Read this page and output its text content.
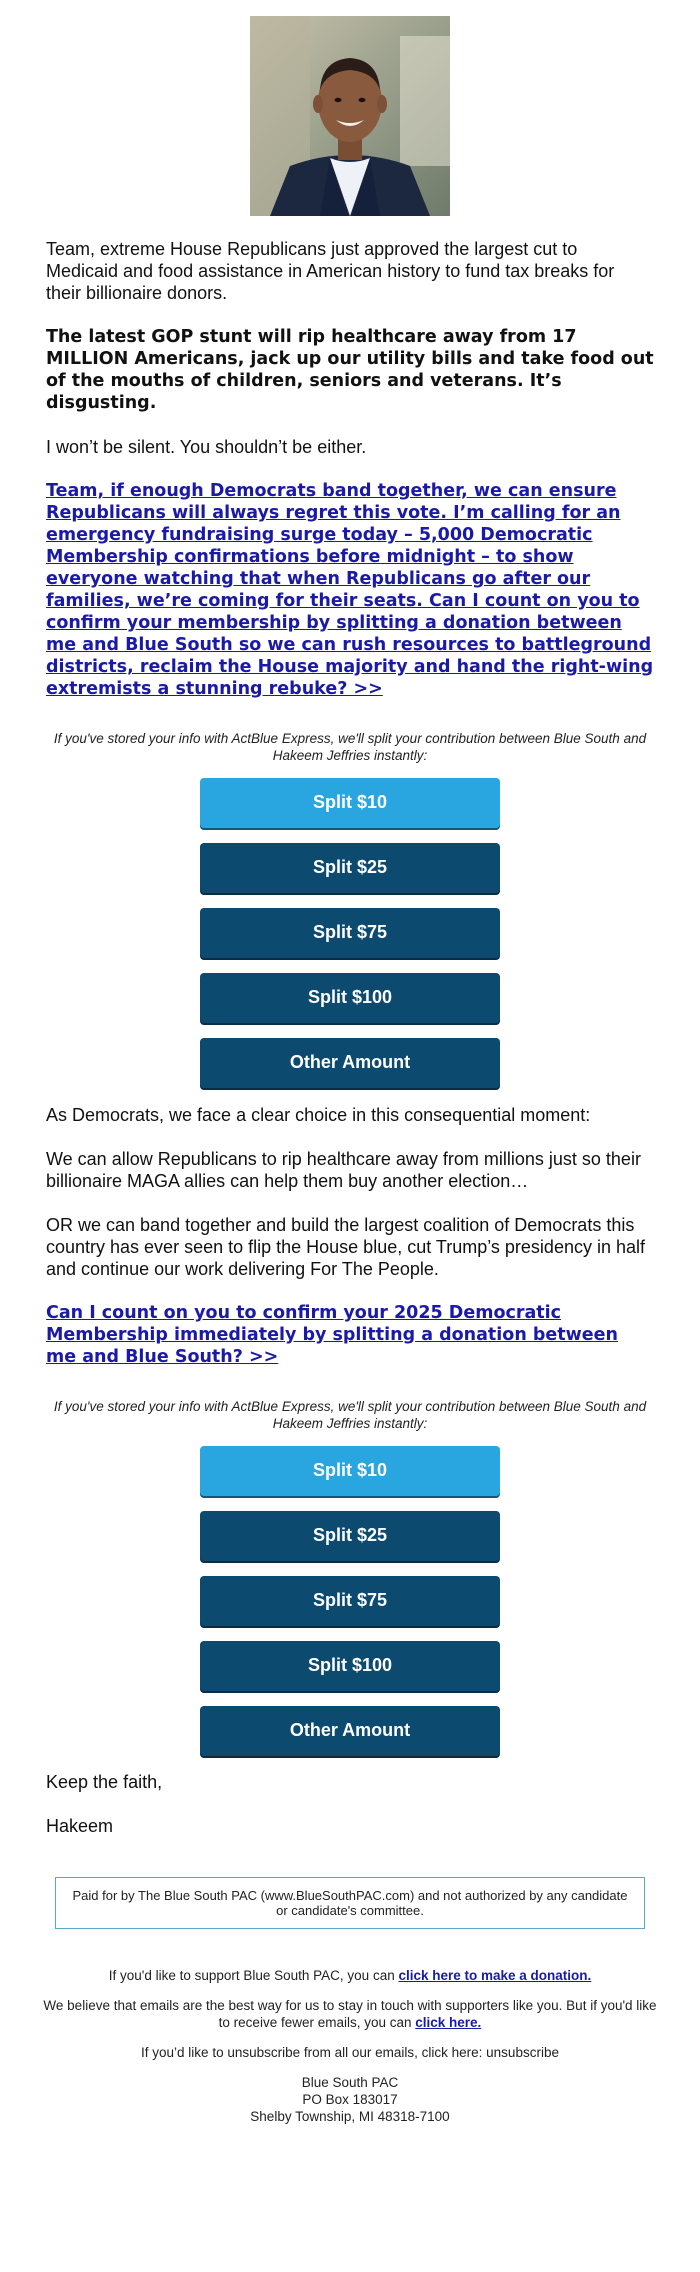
Team, extreme House Republicans just approved the largest cut to Medicaid and food assistance in American history to fund tax breaks for their billionaire donors.

The latest GOP stunt will rip healthcare away from 17 MILLION Americans, jack up our utility bills and take food out of the mouths of children, seniors and veterans. It’s disgusting.

I won’t be silent. You shouldn’t be either.

Team, if enough Democrats band together, we can ensure Republicans will always regret this vote. I’m calling for an emergency fundraising surge today – 5,000 Democratic Membership confirmations before midnight – to show everyone watching that when Republicans go after our families, we’re coming for their seats. Can I count on you to confirm your membership by splitting a donation between me and Blue South so we can rush resources to battleground districts, reclaim the House majority and hand the right-wing extremists a stunning rebuke? >>
If you've stored your info with ActBlue Express, we'll split your contribution between Blue South and Hakeem Jeffries instantly:
Split $10
Split $25
Split $75
Split $100
Other Amount

As Democrats, we face a clear choice in this consequential moment:

We can allow Republicans to rip healthcare away from millions just so their billionaire MAGA allies can help them buy another election…

OR we can band together and build the largest coalition of Democrats this country has ever seen to flip the House blue, cut Trump’s presidency in half and continue our work delivering For The People.

Can I count on you to confirm your 2025 Democratic Membership immediately by splitting a donation between me and Blue South? >>
If you've stored your info with ActBlue Express, we'll split your contribution between Blue South and Hakeem Jeffries instantly:
Split $10
Split $25
Split $75
Split $100
Other Amount

Keep the faith,

Hakeem

Paid for by The Blue South PAC (www.BlueSouthPAC.com) and not authorized by any candidate or candidate's committee.
If you'd like to support Blue South PAC, you can click here to make a donation.
We believe that emails are the best way for us to stay in touch with supporters like you. But if you'd like to receive fewer emails, you can click here.
If you’d like to unsubscribe from all our emails, click here: unsubscribe
Blue South PAC
PO Box 183017
Shelby Township, MI 48318-7100
